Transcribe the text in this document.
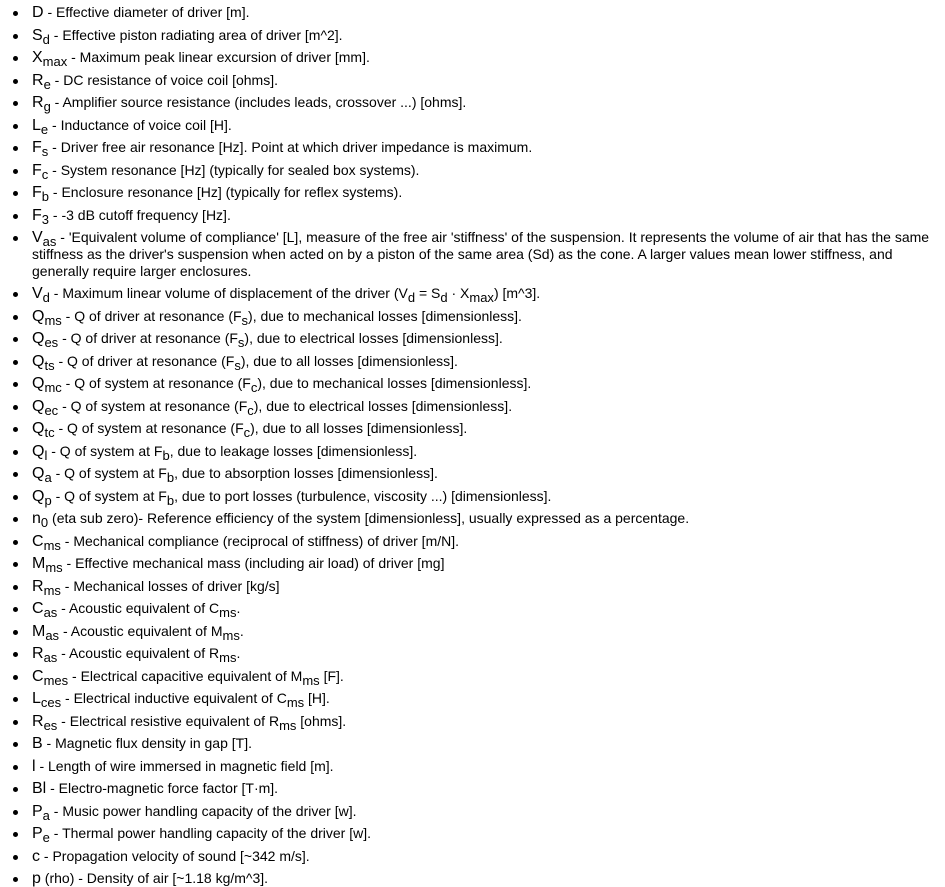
D - Effective diameter of driver [m].
Sd - Effective piston radiating area of driver [m^2].
Xmax - Maximum peak linear excursion of driver [mm].
Re - DC resistance of voice coil [ohms].
Rg - Amplifier source resistance (includes leads, crossover ...) [ohms].
Le - Inductance of voice coil [H].
Fs - Driver free air resonance [Hz]. Point at which driver impedance is maximum.
Fc - System resonance [Hz] (typically for sealed box systems).
Fb - Enclosure resonance [Hz] (typically for reflex systems).
F3 - -3 dB cutoff frequency [Hz].
Vas - 'Equivalent volume of compliance' [L], measure of the free air 'stiffness' of the suspension. It represents the volume of air that has the same stiffness as the driver's suspension when acted on by a piston of the same area (Sd) as the cone. A larger values mean lower stiffness, and generally require larger enclosures.
Vd - Maximum linear volume of displacement of the driver (Vd = Sd · Xmax) [m^3].
Qms - Q of driver at resonance (Fs), due to mechanical losses [dimensionless].
Qes - Q of driver at resonance (Fs), due to electrical losses [dimensionless].
Qts - Q of driver at resonance (Fs), due to all losses [dimensionless].
Qmc - Q of system at resonance (Fc), due to mechanical losses [dimensionless].
Qec - Q of system at resonance (Fc), due to electrical losses [dimensionless].
Qtc - Q of system at resonance (Fc), due to all losses [dimensionless].
Ql - Q of system at Fb, due to leakage losses [dimensionless].
Qa - Q of system at Fb, due to absorption losses [dimensionless].
Qp - Q of system at Fb, due to port losses (turbulence, viscosity ...) [dimensionless].
n0 (eta sub zero)- Reference efficiency of the system [dimensionless], usually expressed as a percentage.
Cms - Mechanical compliance (reciprocal of stiffness) of driver [m/N].
Mms - Effective mechanical mass (including air load) of driver [mg]
Rms - Mechanical losses of driver [kg/s]
Cas - Acoustic equivalent of Cms.
Mas - Acoustic equivalent of Mms.
Ras - Acoustic equivalent of Rms.
Cmes - Electrical capacitive equivalent of Mms [F].
Lces - Electrical inductive equivalent of Cms [H].
Res - Electrical resistive equivalent of Rms [ohms].
B - Magnetic flux density in gap [T].
l - Length of wire immersed in magnetic field [m].
Bl - Electro-magnetic force factor [T·m].
Pa - Music power handling capacity of the driver [w].
Pe - Thermal power handling capacity of the driver [w].
c - Propagation velocity of sound [~342 m/s].
p (rho) - Density of air [~1.18 kg/m^3].
